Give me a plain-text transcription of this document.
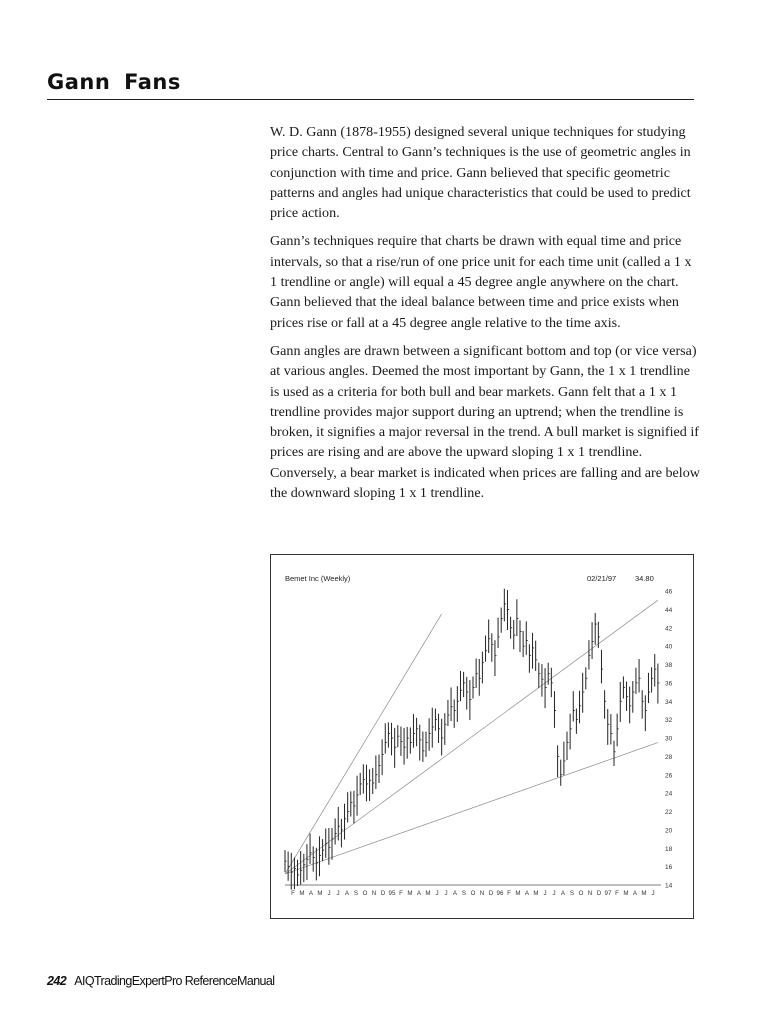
Gann Fans

W. D. Gann (1878-1955) designed several unique techniques for studying price charts. Central to Gann’s techniques is the use of geometric angles in conjunction with time and price. Gann believed that specific geometric patterns and angles had unique characteristics that could be used to predict price action.

Gann’s techniques require that charts be drawn with equal time and price intervals, so that a rise/run of one price unit for each time unit (called a 1 x 1 trendline or angle) will equal a 45 degree angle anywhere on the chart. Gann believed that the ideal balance between time and price exists when prices rise or fall at a 45 degree angle relative to the time axis.

Gann angles are drawn between a significant bottom and top (or vice versa) at various angles. Deemed the most important by Gann, the 1 x 1 trendline is used as a criteria for both bull and bear markets. Gann felt that a 1 x 1 trendline provides major support during an uptrend; when the trendline is broken, it signifies a major reversal in the trend. A bull market is signified if prices are rising and are above the upward sloping 1 x 1 trendline. Conversely, a bear market is indicated when prices are falling and are below the downward sloping 1 x 1 trendline.

Bemet Inc (Weekly)	02/21/97	34.80
46
44
42
40
38
36
34
32
30
28
26
24
22
20
18
16
14
F M A M J J A S O N D 95 F M A M J J A S O N D 96 F M A M J J A S O N D 97 F M A M J
242 AIQTradingExpertPro ReferenceManual
